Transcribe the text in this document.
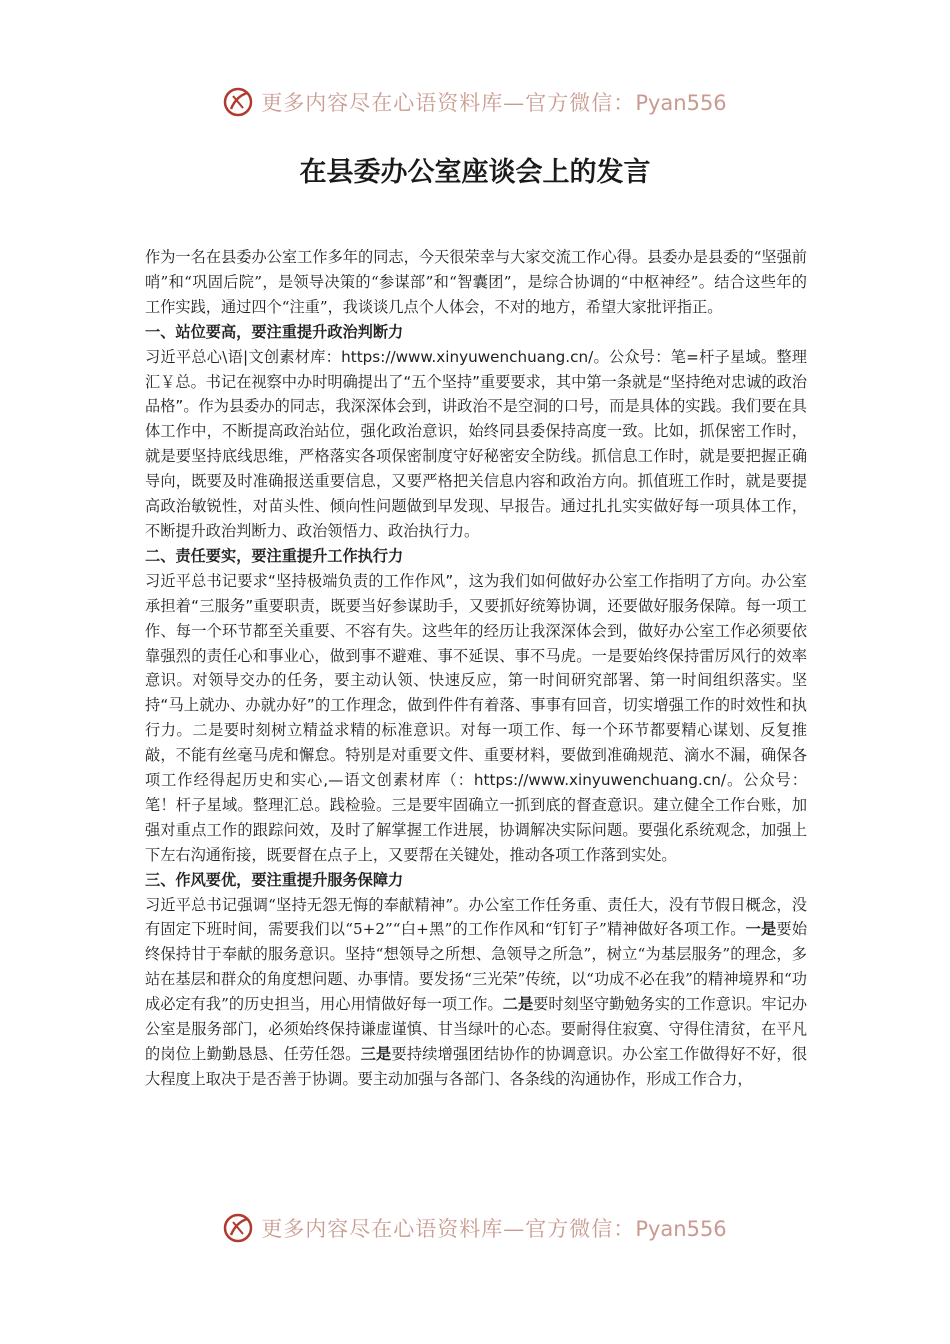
更多内容尽在心语资料库—官方微信：Pyan556
在县委办公室座谈会上的发言

作为一名在县委办公室工作多年的同志，今天很荣幸与大家交流工作心得。县委办是县委的“坚强前哨”和“巩固后院”，是领导决策的“参谋部”和“智囊团”，是综合协调的“中枢神经”。结合这些年的工作实践，通过四个“注重”，我谈谈几点个人体会，不对的地方，希望大家批评指正。

一、站位要高，要注重提升政治判断力

习近平总心\语|文创素材库：https://www.xinyuwenchuang.cn/。公众号：笔=杆子星域。整理汇￥总。书记在视察中办时明确提出了“五个坚持”重要要求，其中第一条就是“坚持绝对忠诚的政治品格”。作为县委办的同志，我深深体会到，讲政治不是空洞的口号，而是具体的实践。我们要在具体工作中，不断提高政治站位，强化政治意识，始终同县委保持高度一致。比如，抓保密工作时，就是要坚持底线思维，严格落实各项保密制度守好秘密安全防线。抓信息工作时，就是要把握正确导向，既要及时准确报送重要信息，又要严格把关信息内容和政治方向。抓值班工作时，就是要提高政治敏锐性，对苗头性、倾向性问题做到早发现、早报告。通过扎扎实实做好每一项具体工作，不断提升政治判断力、政治领悟力、政治执行力。

二、责任要实，要注重提升工作执行力

习近平总书记要求“坚持极端负责的工作作风”，这为我们如何做好办公室工作指明了方向。办公室承担着“三服务”重要职责，既要当好参谋助手，又要抓好统筹协调，还要做好服务保障。每一项工作、每一个环节都至关重要、不容有失。这些年的经历让我深深体会到，做好办公室工作必须要依靠强烈的责任心和事业心，做到事不避难、事不延误、事不马虎。一是要始终保持雷厉风行的效率意识。对领导交办的任务，要主动认领、快速反应，第一时间研究部署、第一时间组织落实。坚持“马上就办、办就办好”的工作理念，做到件件有着落、事事有回音，切实增强工作的时效性和执行力。二是要时刻树立精益求精的标准意识。对每一项工作、每一个环节都要精心谋划、反复推敲，不能有丝毫马虎和懈怠。特别是对重要文件、重要材料，要做到准确规范、滴水不漏，确保各项工作经得起历史和实心,—语文创素材库（：https://www.xinyuwenchuang.cn/。公众号：笔！杆子星域。整理汇总。践检验。三是要牢固确立一抓到底的督查意识。建立健全工作台账，加强对重点工作的跟踪问效，及时了解掌握工作进展，协调解决实际问题。要强化系统观念，加强上下左右沟通衔接，既要督在点子上，又要帮在关键处，推动各项工作落到实处。

三、作风要优，要注重提升服务保障力

习近平总书记强调“坚持无怨无悔的奉献精神”。办公室工作任务重、责任大，没有节假日概念，没有固定下班时间，需要我们以“5+2”“白+黑”的工作作风和“钉钉子”精神做好各项工作。一是要始终保持甘于奉献的服务意识。坚持“想领导之所想、急领导之所急”，树立“为基层服务”的理念，多站在基层和群众的角度想问题、办事情。要发扬“三光荣”传统，以“功成不必在我”的精神境界和“功成必定有我”的历史担当，用心用情做好每一项工作。二是要时刻坚守勤勉务实的工作意识。牢记办公室是服务部门，必须始终保持谦虚谨慎、甘当绿叶的心态。要耐得住寂寞、守得住清贫，在平凡的岗位上勤勤恳恳、任劳任怨。三是要持续增强团结协作的协调意识。办公室工作做得好不好，很大程度上取决于是否善于协调。要主动加强与各部门、各条线的沟通协作，形成工作合力，

更多内容尽在心语资料库—官方微信：Pyan556
